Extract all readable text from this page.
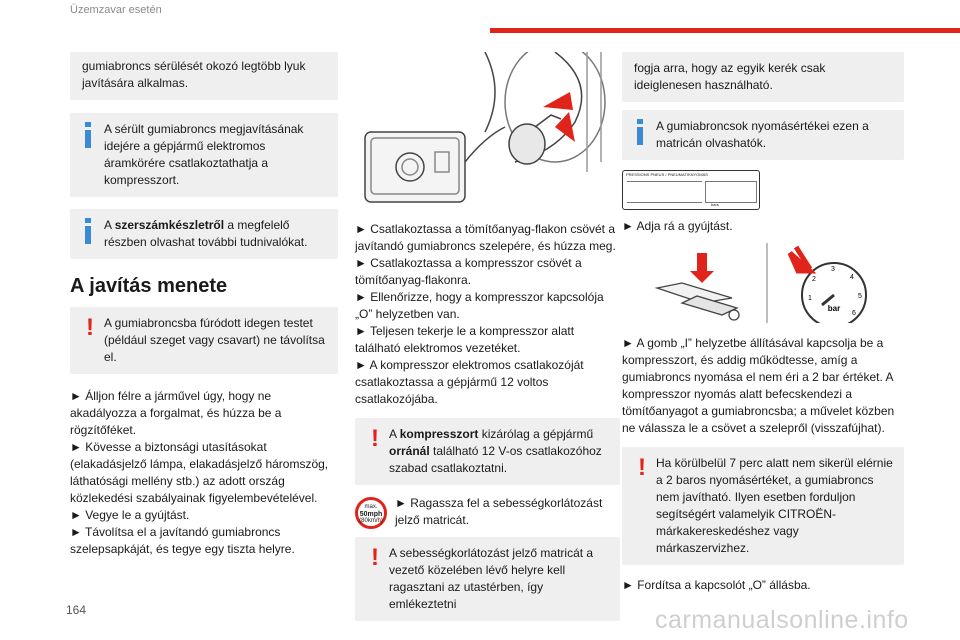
Üzemzavar esetén
gumiabroncs sérülését okozó legtöbb lyuk javítására alkalmas.
A sérült gumiabroncs megjavításának idejére a gépjármű elektromos áramkörére csatlakoztathatja a kompresszort.
A szerszámkészletről a megfelelő részben olvashat további tudnivalókat.
A javítás menete
! A gumiabroncsba fúródott idegen testet (például szeget vagy csavart) ne távolítsa el.

► Álljon félre a járművel úgy, hogy ne akadályozza a forgalmat, és húzza be a rögzítőféket.
► Kövesse a biztonsági utasításokat (elakadásjelző lámpa, elakadásjelző háromszög, láthatósági mellény stb.) az adott ország közlekedési szabályainak figyelembevételével.
► Vegye le a gyújtást.
► Távolítsa el a javítandó gumiabroncs szelepsapkáját, és tegye egy tiszta helyre.

► Csatlakoztassa a tömítőanyag-flakon csövét a javítandó gumiabroncs szelepére, és húzza meg.
► Csatlakoztassa a kompresszor csövét a tömítőanyag-flakonra.
► Ellenőrizze, hogy a kompresszor kapcsolója „O” helyzetben van.
► Teljesen tekerje le a kompresszor alatt található elektromos vezetéket.
► A kompresszor elektromos csatlakozóját csatlakoztassa a gépjármű 12 voltos csatlakozójába.

! A kompresszort kizárólag a gépjármű orránál található 12 V-os csatlakozóhoz szabad csatlakoztatni.
max.
50mph
(80km/h)

► Ragassza fel a sebességkorlátozást jelző matricát.

! A sebességkorlátozást jelző matricát a vezető közelében lévő helyre kell ragasztani az utastérben, így emlékeztetni
fogja arra, hogy az egyik kerék csak ideiglenesen használható.
A gumiabroncsok nyomásértékei ezen a matricán olvashatók.
PRESSIONS PNEUS / PNEUMATIKNYOMÁS
bars

► Adja rá a gyújtást.

bar
1
2
3
4
5
6

► A gomb „I” helyzetbe állításával kapcsolja be a kompresszort, és addig működtesse, amíg a gumiabroncs nyomása el nem éri a 2 bar értéket. A kompresszor nyomás alatt befecskendezi a tömítőanyagot a gumiabroncsba; a művelet közben ne válassza le a csövet a szelepről (visszafújhat).

! Ha körülbelül 7 perc alatt nem sikerül elérnie a 2 baros nyomásértéket, a gumiabroncs nem javítható. Ilyen esetben forduljon segítségért valamelyik CITROËN-márkakereskedéshez vagy márkaszervizhez.

► Fordítsa a kapcsolót „O” állásba.

164	carmanualsonline.info
